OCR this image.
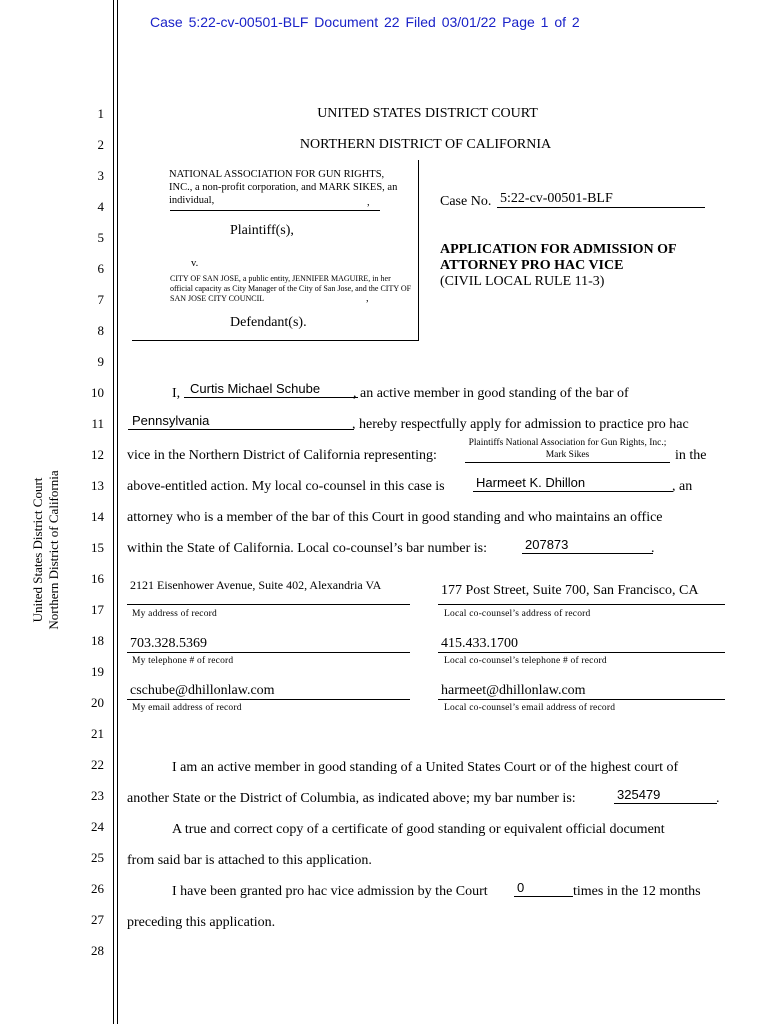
Case 5:22-cv-00501-BLF Document 22 Filed 03/01/22 Page 1 of 2
United States District Court Northern District of California
1
2
3
4
5
6
7
8
9
10
11
12
13
14
15
16
17
18
19
20
21
22
23
24
25
26
27
28
UNITED STATES DISTRICT COURT
NORTHERN DISTRICT OF CALIFORNIA
NATIONAL ASSOCIATION FOR GUN RIGHTS, INC., a non-profit corporation, and MARK SIKES, an individual,	,
Plaintiff(s),
v.
CITY OF SAN JOSE, a public entity, JENNIFER MAGUIRE, in her official capacity as City Manager of the City of San Jose, and the CITY OF SAN JOSE CITY COUNCIL	,
Defendant(s).
Case No. 5:22-cv-00501-BLF
APPLICATION FOR ADMISSION OF
ATTORNEY PRO HAC VICE
(CIVIL LOCAL RULE 11-3)
I, Curtis Michael Schube	, an active member in good standing of the bar of
Pennsylvania	, hereby respectfully apply for admission to practice pro hac
vice in the Northern District of California representing:
Plaintiffs National Association for Gun Rights, Inc.; Mark Sikes	in the
above-entitled action. My local co-counsel in this case is Harmeet K. Dhillon	, an
attorney who is a member of the bar of this Court in good standing and who maintains an office
within the State of California. Local co-counsel’s bar number is:	207873	.
2121 Eisenhower Avenue, Suite 402, Alexandria VA
My address of record
177 Post Street, Suite 700, San Francisco, CA
Local co-counsel’s address of record
703.328.5369
My telephone # of record
415.433.1700
Local co-counsel’s telephone # of record
cschube@dhillonlaw.com
My email address of record
harmeet@dhillonlaw.com
Local co-counsel’s email address of record
I am an active member in good standing of a United States Court or of the highest court of
another State or the District of Columbia, as indicated above; my bar number is:	325479	.
A true and correct copy of a certificate of good standing or equivalent official document
from said bar is attached to this application.
I have been granted pro hac vice admission by the Court 0	times in the 12 months
preceding this application.
